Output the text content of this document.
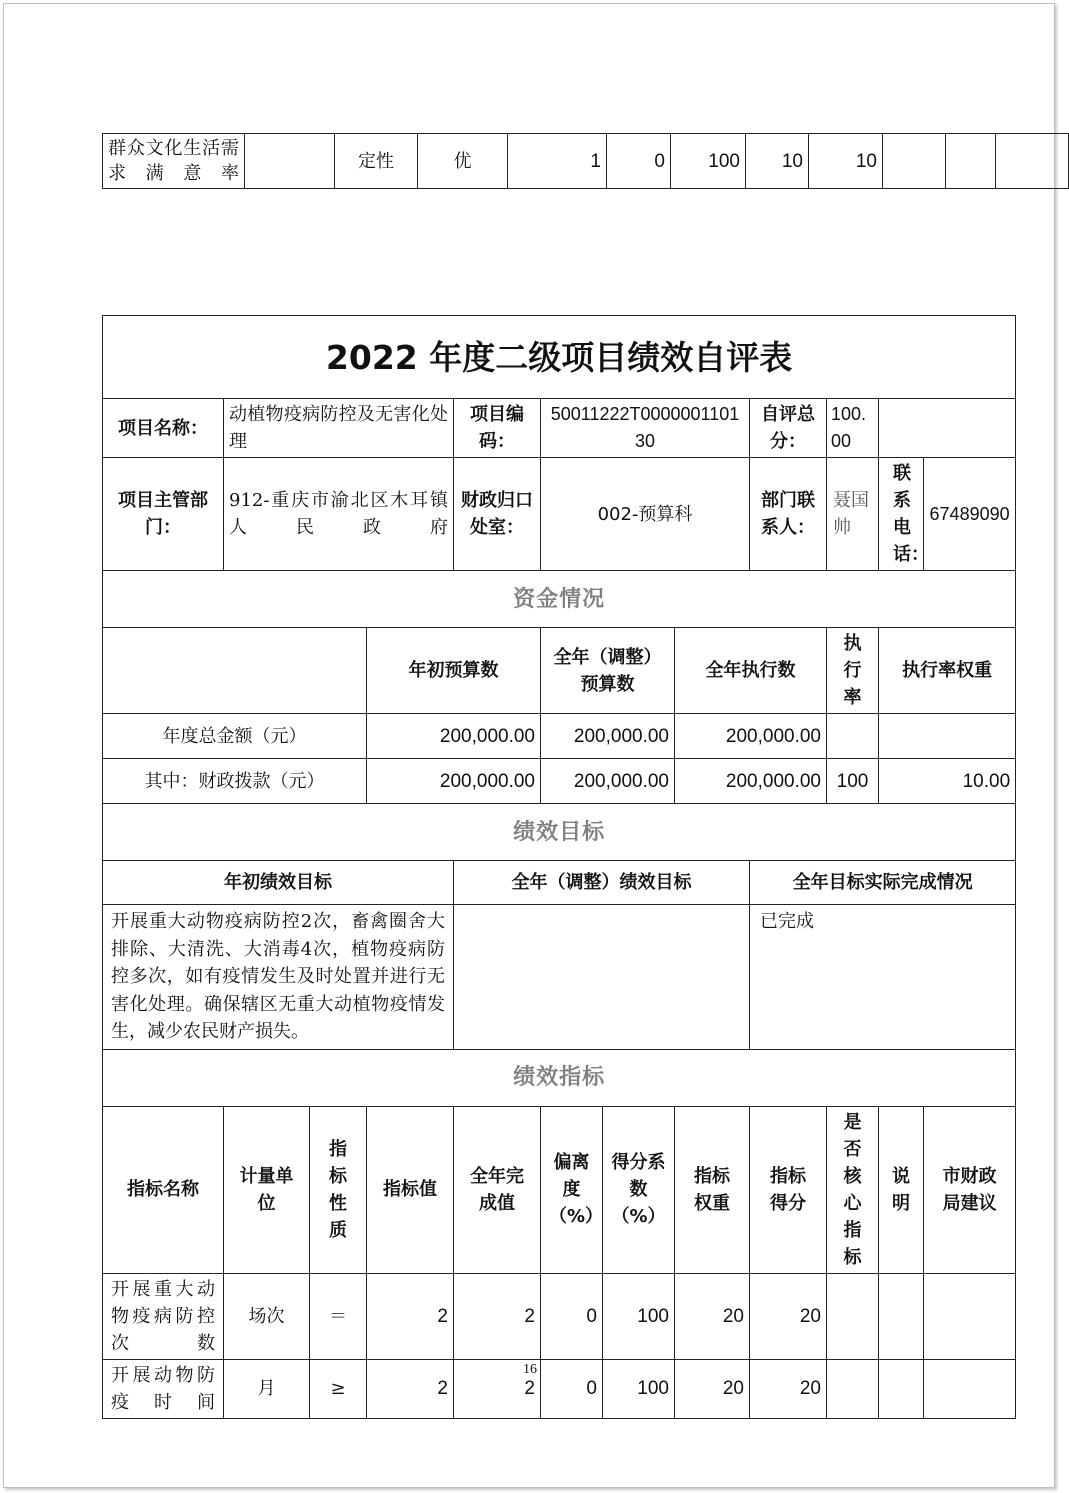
群众文化生活需求满意率		定性	优	1	0	100	10	10			
2022 年度二级项目绩效自评表											
项目名称：	动植物疫病防控及无害化处理			项目编码：	50011222T000000110130			自评总分：	100.00		
项目主管部门：	912-重庆市渝北区木耳镇人民政府			财政归口处室：	002-预算科			部门联系人：	聂国帅	联系电话：	67489090
资金情况											
			年初预算数		全年（调整）预算数		全年执行数		执行率	执行率权重	
年度总金额（元）			200,000.00		200,000.00		200,000.00				
其中：财政拨款（元）			200,000.00		200,000.00		200,000.00		100	10.00	
绩效目标											
年初绩效目标				全年（调整）绩效目标				全年目标实际完成情况			
开展重大动物疫病防控2次，畜禽圈舍大排除、大清洗、大消毒4次，植物疫病防控多次，如有疫情发生及时处置并进行无害化处理。确保辖区无重大动植物疫情发生，减少农民财产损失。								已完成			
绩效指标											
指标名称	计量单位	指标性质	指标值	全年完成值	偏离度（%）	得分系数（%）	指标权重	指标得分	是否核心指标	说明	市财政局建议
开展重大动物疫病防控次数	场次	＝	2	2	0	100	20	20			
开展动物防疫时间	月	≥	2	2	0	100	20	20			
16
